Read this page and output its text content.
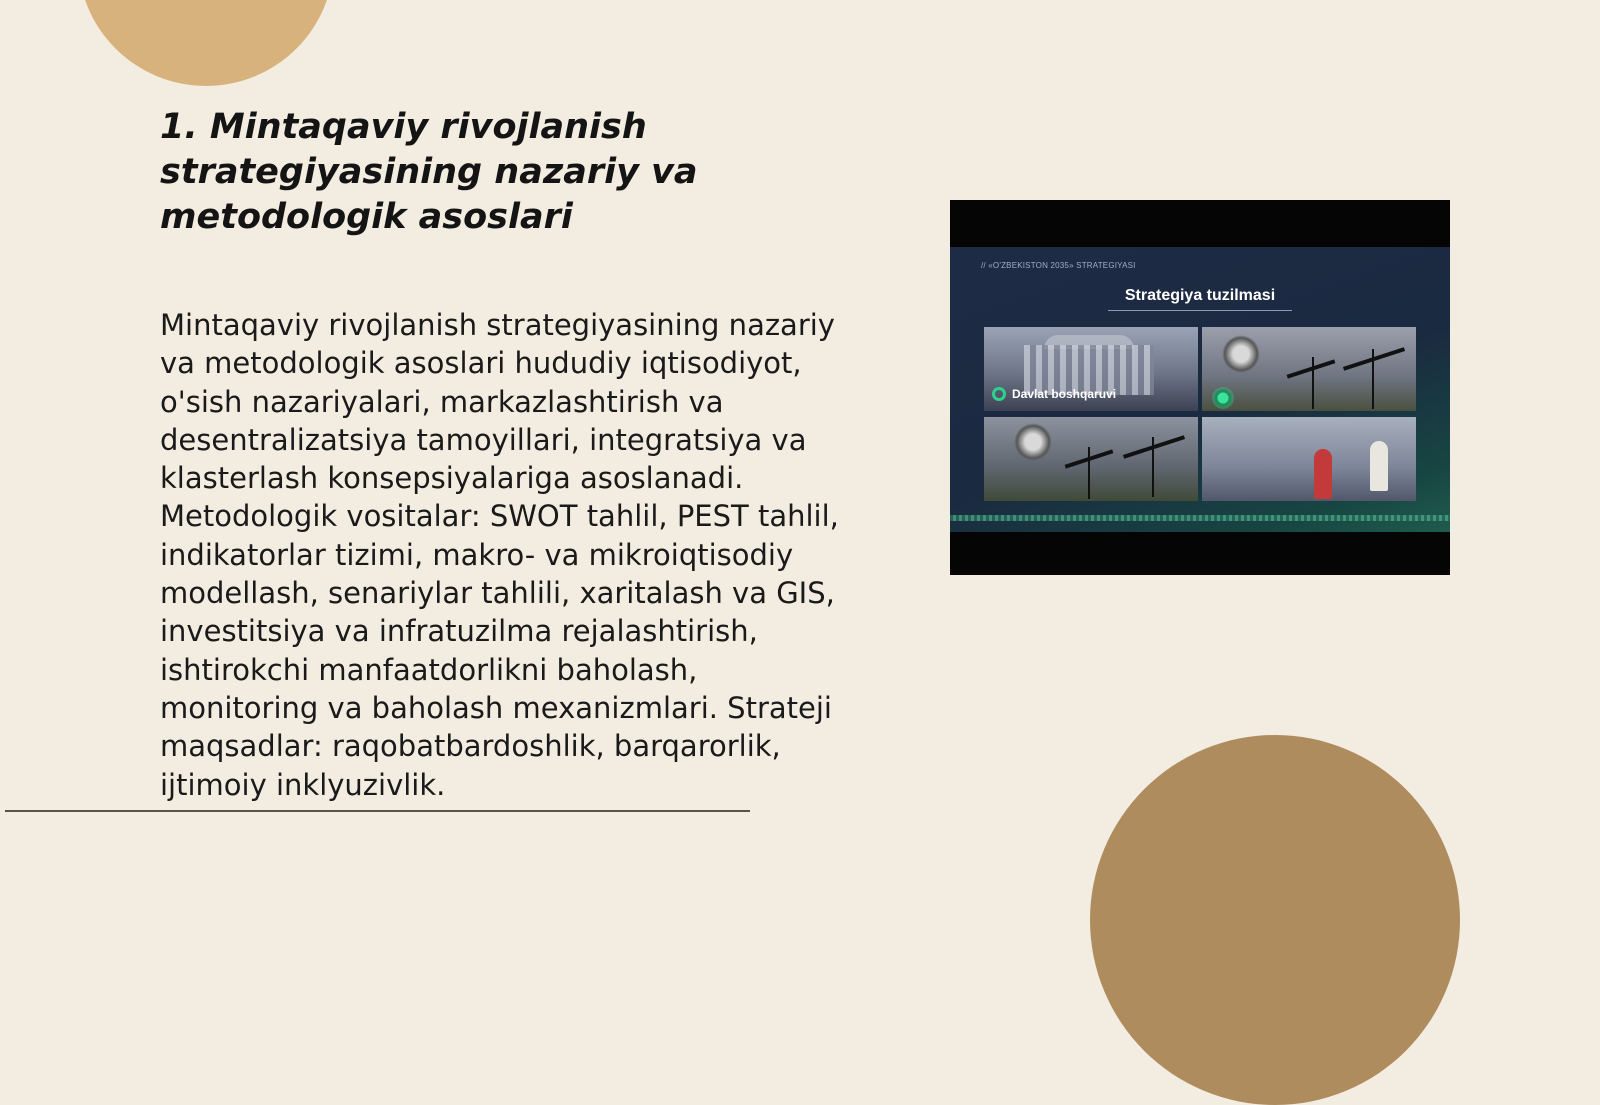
1. Mintaqaviy rivojlanish strategiyasining nazariy va metodologik asoslari

Mintaqaviy rivojlanish strategiyasining nazariy va metodologik asoslari hududiy iqtisodiyot, o'sish nazariyalari, markazlashtirish va desentralizatsiya tamoyillari, integratsiya va klasterlash konsepsiyalariga asoslanadi. Metodologik vositalar: SWOT tahlil, PEST tahlil, indikatorlar tizimi, makro- va mikroiqtisodiy modellash, senariylar tahlili, xaritalash va GIS, investitsiya va infratuzilma rejalashtirish, ishtirokchi manfaatdorlikni baholash, monitoring va baholash mexanizmlari. Strateji maqsadlar: raqobatbardoshlik, barqarorlik, ijtimoiy inklyuzivlik.

// «O'ZBEKISTON 2035» STRATEGIYASI
Strategiya tuzilmasi
Davlat boshqaruvi
